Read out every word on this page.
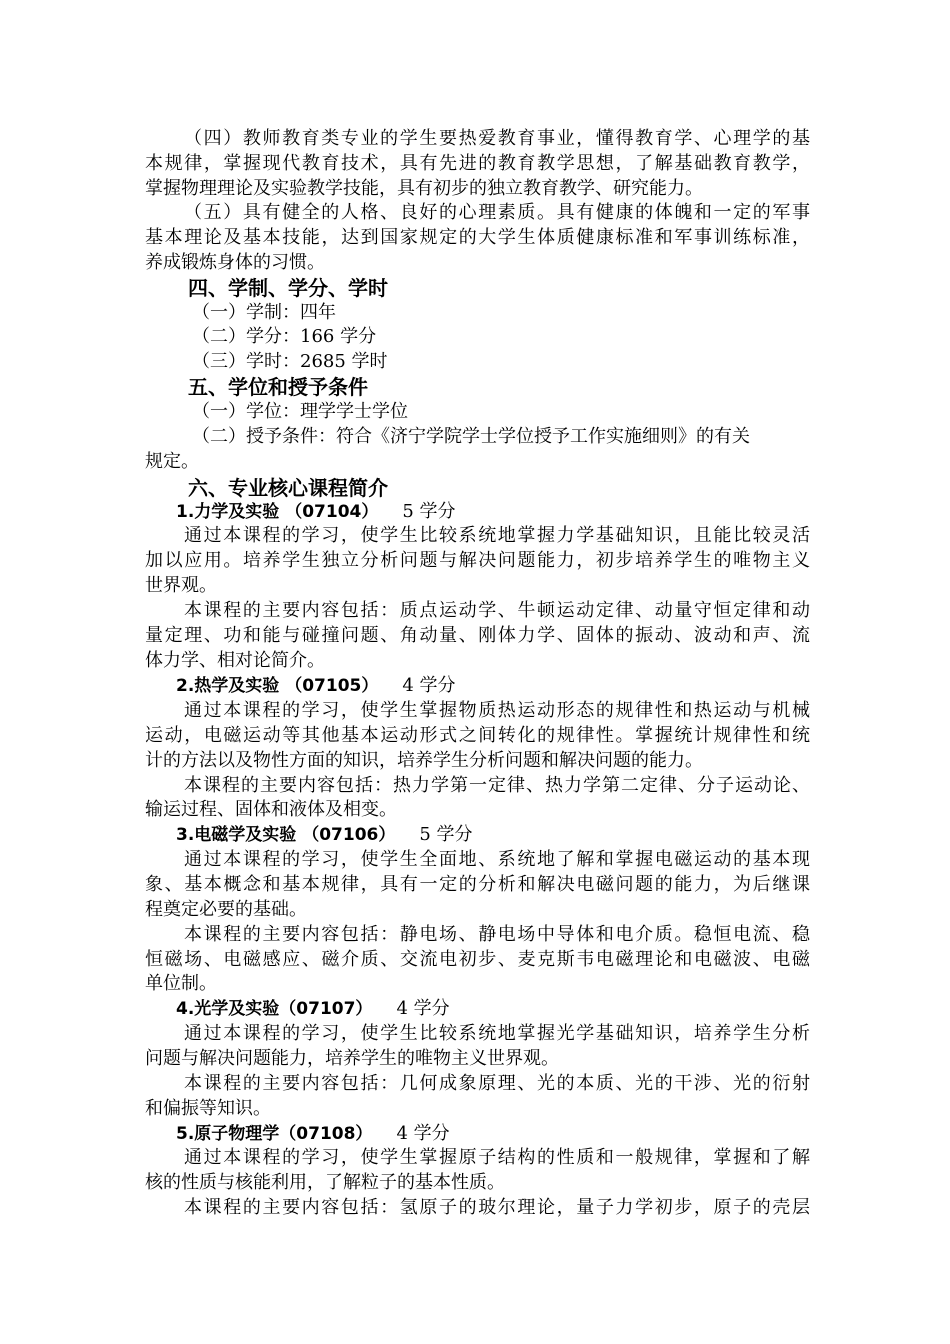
（四）教师教育类专业的学生要热爱教育事业，懂得教育学、心理学的基
本规律，掌握现代教育技术，具有先进的教育教学思想，了解基础教育教学，
掌握物理理论及实验教学技能，具有初步的独立教育教学、研究能力。
（五）具有健全的人格、良好的心理素质。具有健康的体魄和一定的军事
基本理论及基本技能，达到国家规定的大学生体质健康标准和军事训练标准，
养成锻炼身体的习惯。
四、学制、学分、学时
（一）学制：四年
（二）学分：166 学分
（三）学时：2685 学时
五、学位和授予条件
（一）学位：理学学士学位
（二）授予条件：符合《济宁学院学士学位授予工作实施细则》的有关
规定。
六、专业核心课程简介
1.力学及实验 （07104） 5 学分
通过本课程的学习，使学生比较系统地掌握力学基础知识，且能比较灵活
加以应用。培养学生独立分析问题与解决问题能力，初步培养学生的唯物主义
世界观。
本课程的主要内容包括：质点运动学、牛顿运动定律、动量守恒定律和动
量定理、功和能与碰撞问题、角动量、刚体力学、固体的振动、波动和声、流
体力学、相对论简介。
2.热学及实验 （07105） 4 学分
通过本课程的学习，使学生掌握物质热运动形态的规律性和热运动与机械
运动，电磁运动等其他基本运动形式之间转化的规律性。掌握统计规律性和统
计的方法以及物性方面的知识，培养学生分析问题和解决问题的能力。
本课程的主要内容包括：热力学第一定律、热力学第二定律、分子运动论、
输运过程、固体和液体及相变。
3.电磁学及实验 （07106） 5 学分
通过本课程的学习，使学生全面地、系统地了解和掌握电磁运动的基本现
象、基本概念和基本规律，具有一定的分析和解决电磁问题的能力，为后继课
程奠定必要的基础。
本课程的主要内容包括：静电场、静电场中导体和电介质。稳恒电流、稳
恒磁场、电磁感应、磁介质、交流电初步、麦克斯韦电磁理论和电磁波、电磁
单位制。
4.光学及实验（07107） 4 学分
通过本课程的学习，使学生比较系统地掌握光学基础知识，培养学生分析
问题与解决问题能力，培养学生的唯物主义世界观。
本课程的主要内容包括：几何成象原理、光的本质、光的干涉、光的衍射
和偏振等知识。
5.原子物理学（07108） 4 学分
通过本课程的学习，使学生掌握原子结构的性质和一般规律，掌握和了解
核的性质与核能利用，了解粒子的基本性质。
本课程的主要内容包括：氢原子的玻尔理论，量子力学初步，原子的壳层
